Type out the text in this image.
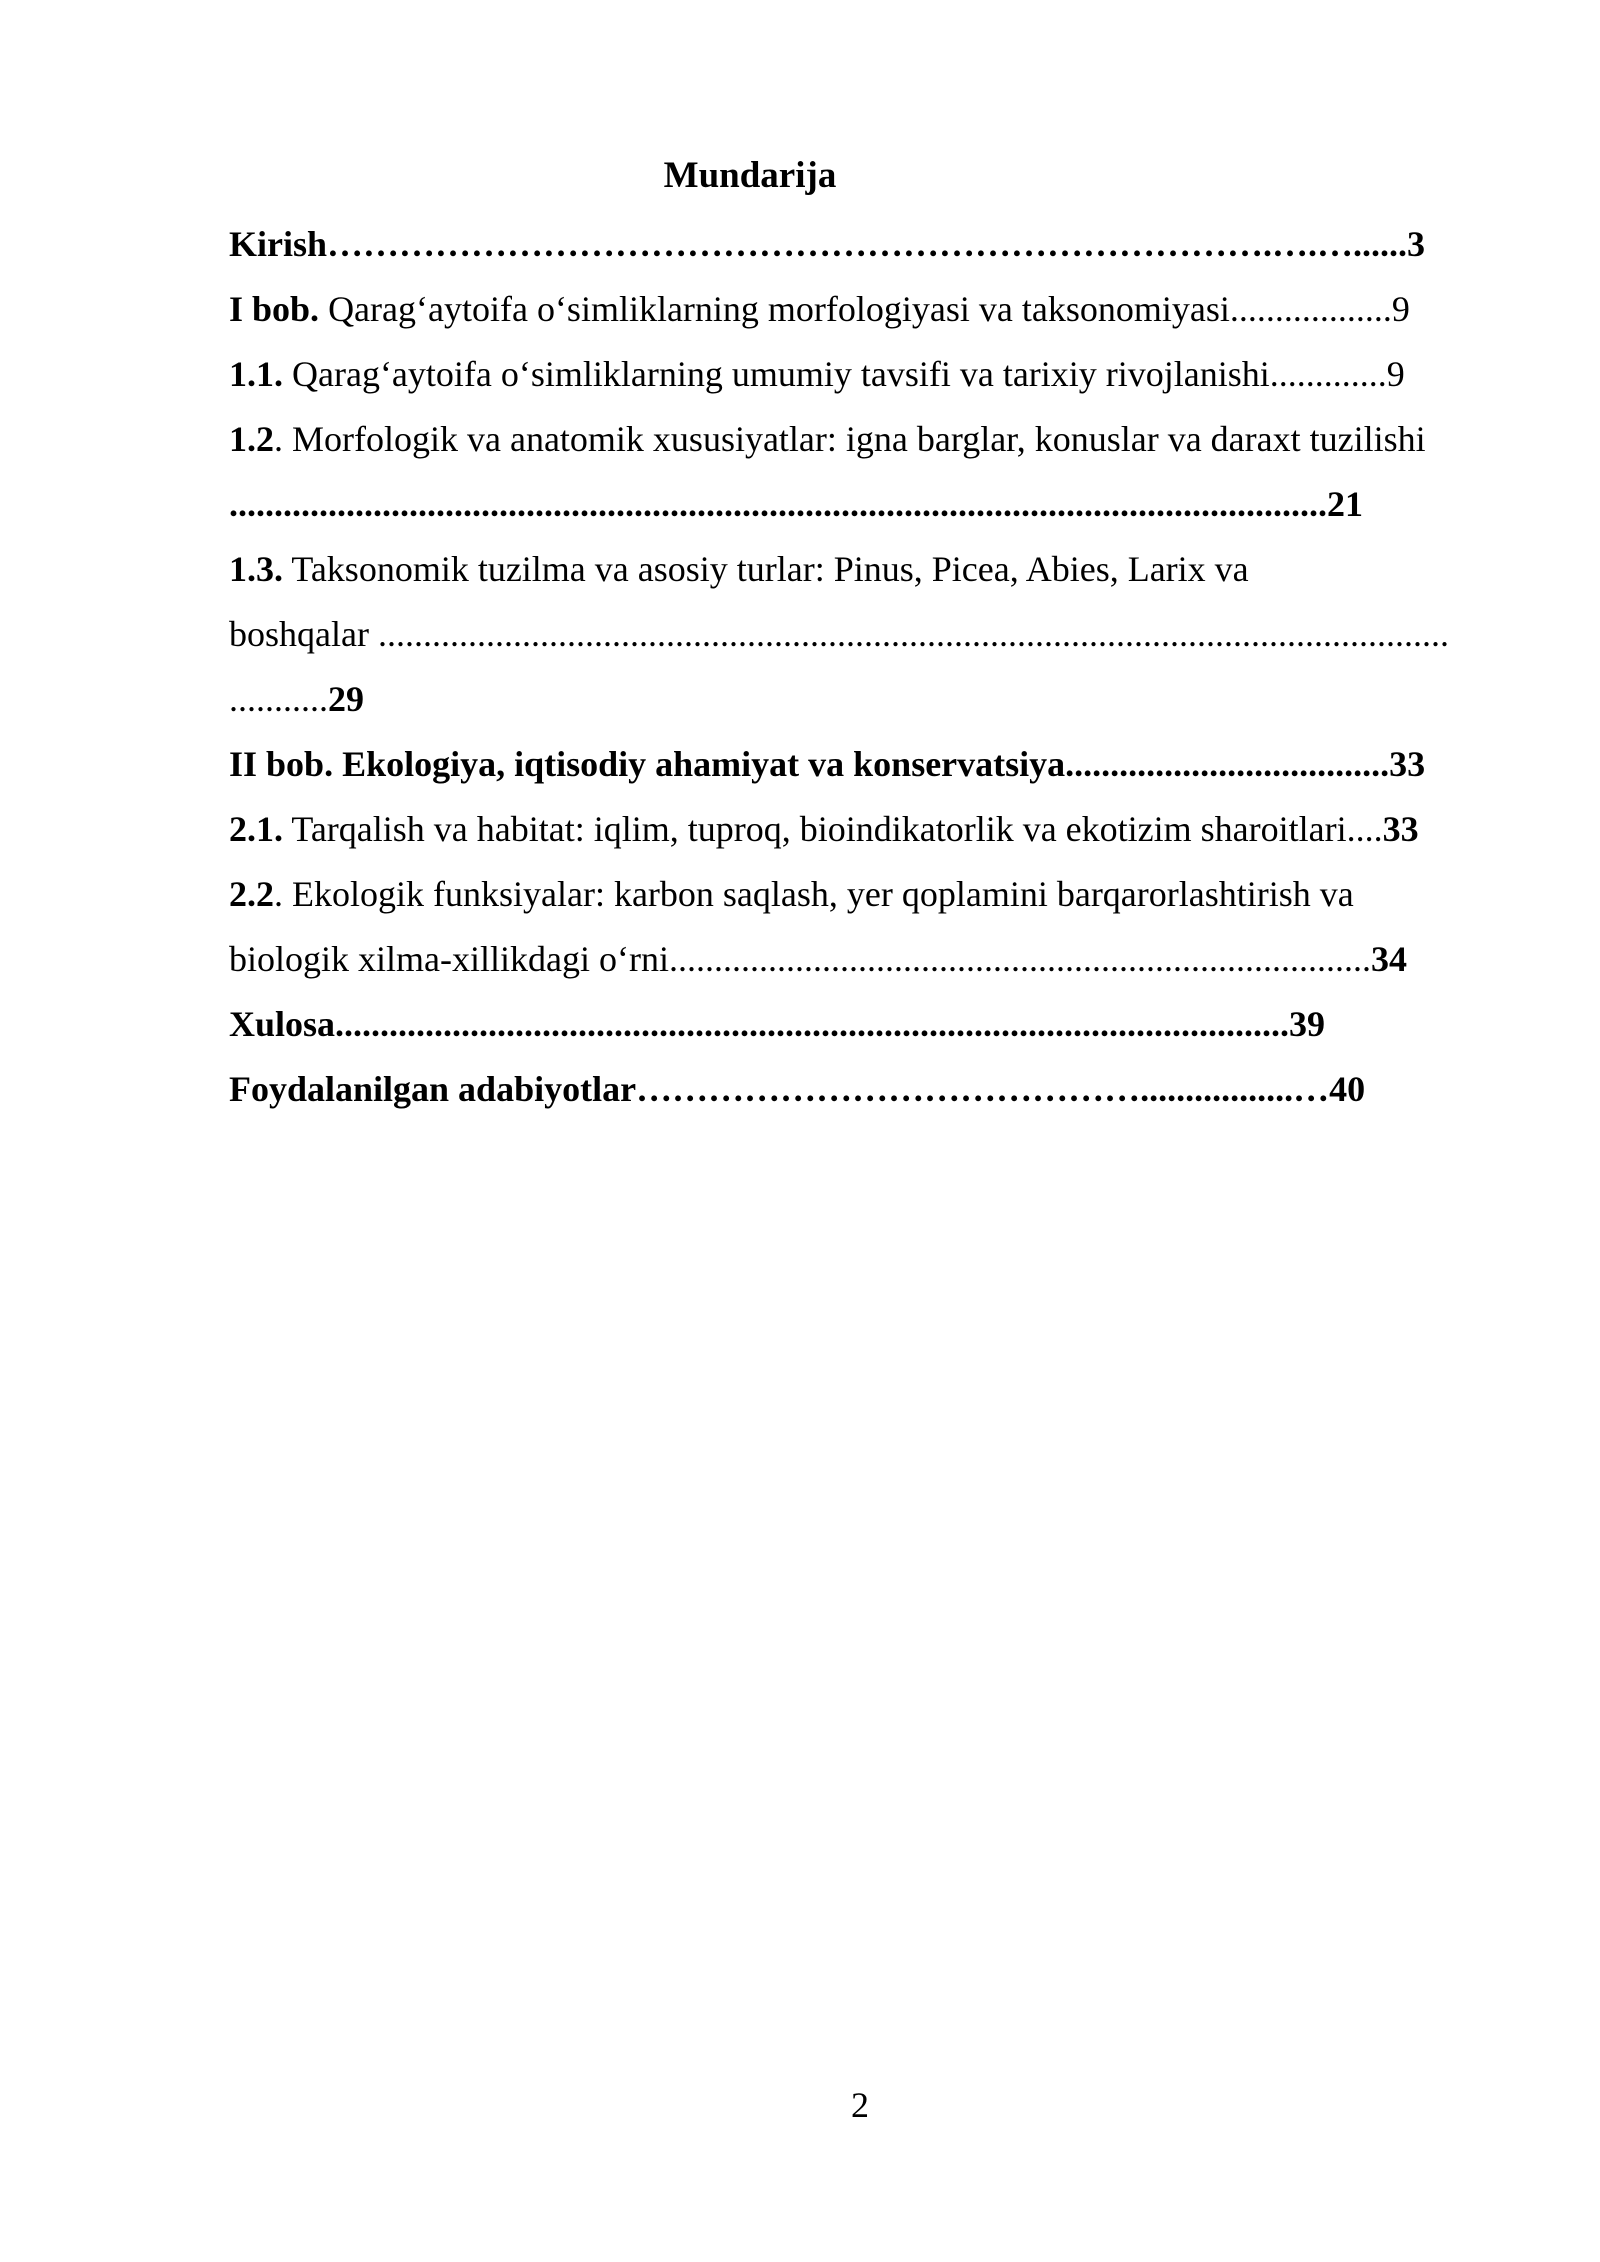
Mundarija
Kirish…………………………………………………………………….….…......3
I bob. Qarag‘aytoifa o‘simliklarning morfologiyasi va taksonomiyasi..................9
1.1. Qarag‘aytoifa o‘simliklarning umumiy tavsifi va tarixiy rivojlanishi.............9
1.2. Morfologik va anatomik xususiyatlar: igna barglar, konuslar va daraxt tuzilishi
..........................................................................................................................21
1.3. Taksonomik tuzilma va asosiy turlar: Pinus, Picea, Abies, Larix va
boshqalar .......................................................................................................................
...........29
II bob. Ekologiya, iqtisodiy ahamiyat va konservatsiya....................................33
2.1. Tarqalish va habitat: iqlim, tuproq, bioindikatorlik va ekotizim sharoitlari....33
2.2. Ekologik funksiyalar: karbon saqlash, yer qoplamini barqarorlashtirish va
biologik xilma-xillikdagi o‘rni..............................................................................34
Xulosa..........................................................................................................39
Foydalanilgan adabiyotlar…………………………………….................…40
2
